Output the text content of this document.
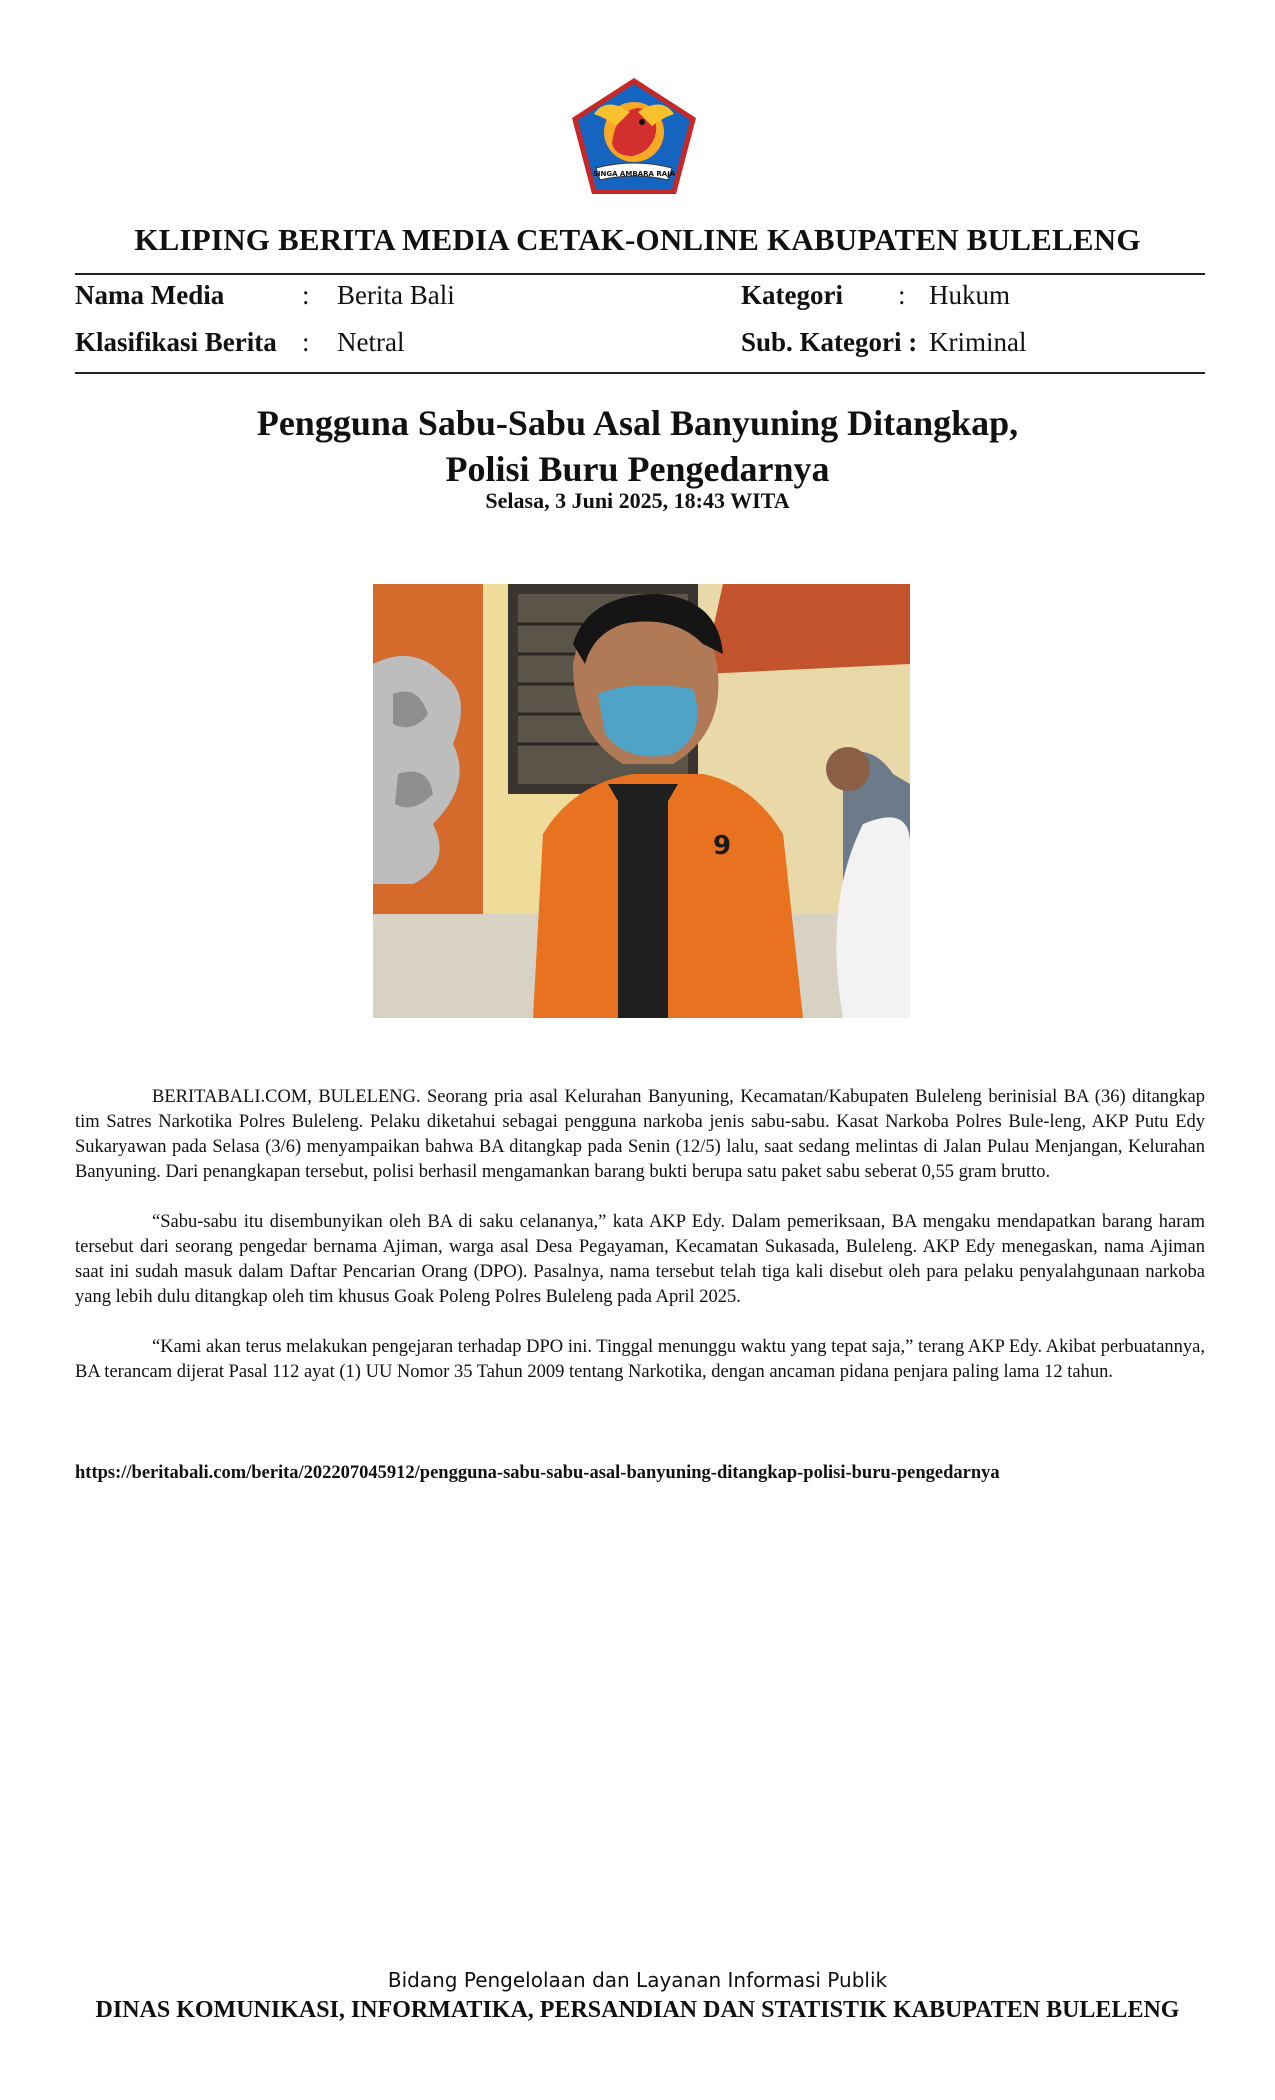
SINGA AMBARA RAJA
KLIPING BERITA MEDIA CETAK-ONLINE KABUPATEN BULELENG
Nama Media	: Berita Bali	Kategori : Hukum
Klasifikasi Berita : Netral	Sub. Kategori : Kriminal
Pengguna Sabu-Sabu Asal Banyuning Ditangkap,
Polisi Buru Pengedarnya
Selasa, 3 Juni 2025, 18:43 WITA
9

BERITABALI.COM, BULELENG. Seorang pria asal Kelurahan Banyuning, Kecamatan/Kabupaten Buleleng berinisial BA (36) ditangkap tim Satres Narkotika Polres Buleleng. Pelaku diketahui sebagai pengguna narkoba jenis sabu-sabu. Kasat Narkoba Polres Bule-leng, AKP Putu Edy Sukaryawan pada Selasa (3/6) menyampaikan bahwa BA ditangkap pada Senin (12/5) lalu, saat sedang melintas di Jalan Pulau Menjangan, Kelurahan Banyuning. Dari penangkapan tersebut, polisi berhasil mengamankan barang bukti berupa satu paket sabu seberat 0,55 gram brutto.

“Sabu-sabu itu disembunyikan oleh BA di saku celananya,” kata AKP Edy. Dalam pemeriksaan, BA mengaku mendapatkan barang haram tersebut dari seorang pengedar bernama Ajiman, warga asal Desa Pegayaman, Kecamatan Sukasada, Buleleng. AKP Edy menegaskan, nama Ajiman saat ini sudah masuk dalam Daftar Pencarian Orang (DPO). Pasalnya, nama tersebut telah tiga kali disebut oleh para pelaku penyalahgunaan narkoba yang lebih dulu ditangkap oleh tim khusus Goak Poleng Polres Buleleng pada April 2025.

“Kami akan terus melakukan pengejaran terhadap DPO ini. Tinggal menunggu waktu yang tepat saja,” terang AKP Edy. Akibat perbuatannya, BA terancam dijerat Pasal 112 ayat (1) UU Nomor 35 Tahun 2009 tentang Narkotika, dengan ancaman pidana penjara paling lama 12 tahun.

https://beritabali.com/berita/202207045912/pengguna-sabu-sabu-asal-banyuning-ditangkap-polisi-buru-pengedarnya
Bidang Pengelolaan dan Layanan Informasi Publik
DINAS KOMUNIKASI, INFORMATIKA, PERSANDIAN DAN STATISTIK KABUPATEN BULELENG
